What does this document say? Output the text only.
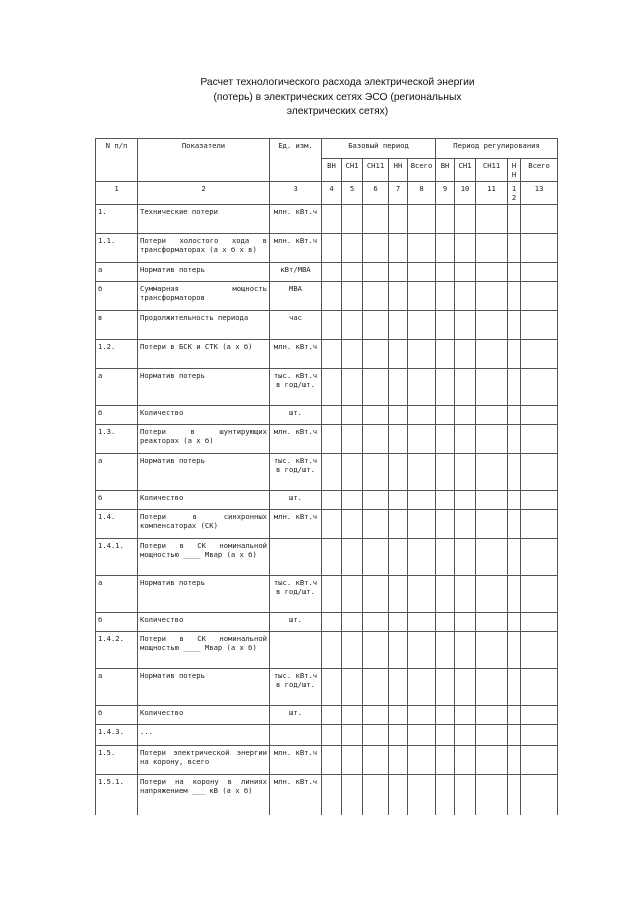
Расчет технологического расхода электрической энергии
(потерь) в электрических сетях ЭСО (региональных
электрических сетях)
N п/п	Показатели	Ед. изм.	Базовый период					Период регулирования				
			ВН	СН1	СН11	НН	Всего	ВН	СН1	СН11	НН	Всего
1	2	3	4	5	6	7	8	9	10	11	12	13
1.	Технические потери	млн. кВт.ч										
1.1.	Потери холостого хода в трансформаторах (а х б х в)	млн. кВт.ч										
а	Норматив потерь	кВт/МВА										
б	Суммарная мощность трансформаторов	МВА										
в	Продолжительность периода	час										
1.2.	Потери в БСК и СТК (а х б)	млн. кВт.ч										
а	Норматив потерь	тыс. кВт.ч в год/шт.										
б	Количество	шт.										
1.3.	Потери в шунтирующих реакторах (а х б)	млн. кВт.ч										
а	Норматив потерь	тыс. кВт.ч в год/шт.										
б	Количество	шт.										
1.4.	Потери в синхронных компенсаторах (СК)	млн. кВт.ч										
1.4.1.	Потери в СК номинальной мощностью ____ Мвар (а х б)											
а	Норматив потерь	тыс. кВт.ч в год/шт.										
б	Количество	шт.										
1.4.2.	Потери в СК номинальной мощностью ____ Мвар (а х б)											
а	Норматив потерь	тыс. кВт.ч в год/шт.										
б	Количество	шт.										
1.4.3.	...											
1.5.	Потери электрической энергии на корону, всего	млн. кВт.ч										
1.5.1.	Потери на корону в линиях напряжением ___ кВ (а х б)	млн. кВт.ч										
